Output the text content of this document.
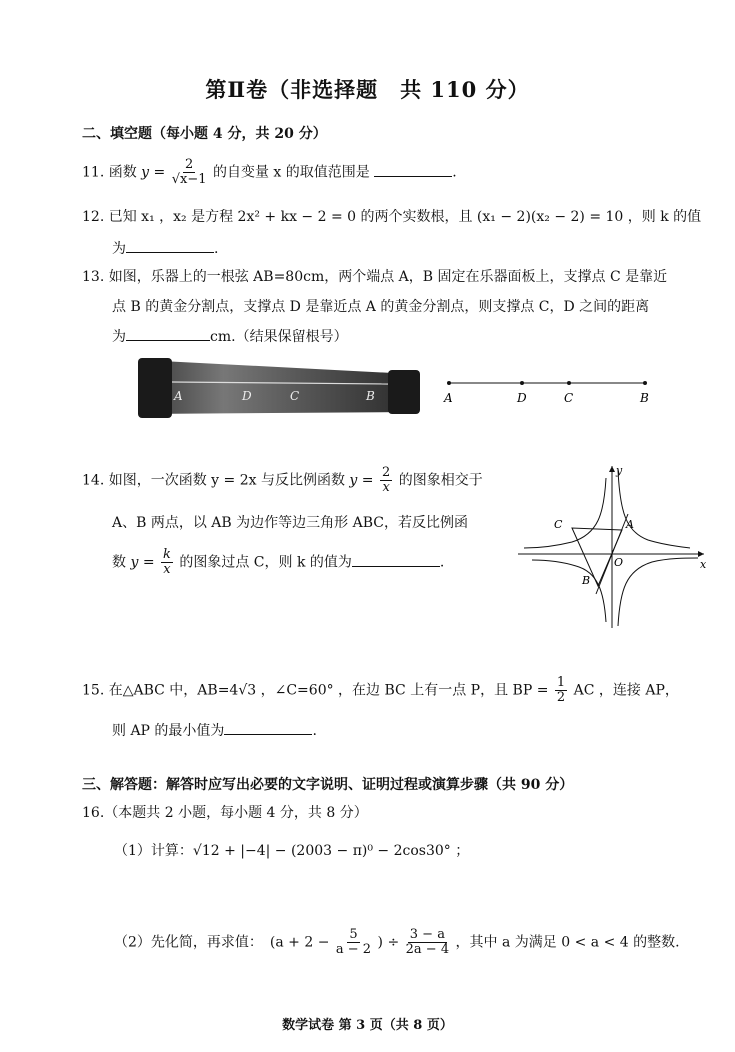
第Ⅱ卷（非选择题　共 110 分）
二、填空题（每小题 4 分，共 20 分）
11. 函数 $y = \frac{2}{√x-1}$ 的自变量 x 的取值范围是	.
12. 已知 x₁ ，x₂ 是方程 2x² + kx − 2 = 0 的两个实数根，且 (x₁ − 2)(x₂ − 2) = 10 ，则 k 的值
为	.
13. 如图，乐器上的一根弦 AB=80cm，两个端点 A，B 固定在乐器面板上，支撑点 C 是靠近
点 B 的黄金分割点，支撑点 D 是靠近点 A 的黄金分割点，则支撑点 C，D 之间的距离
为	cm.（结果保留根号）
A	D	C	B	A	D	C	B
14. 如图，一次函数 y = 2x 与反比例函数 $y = \frac{2}{x}$ 的图象相交于
A、B 两点，以 AB 为边作等边三角形 ABC，若反比例函
数 $y = \frac{k}{x}$ 的图象过点 C，则 k 的值为	.
y
x
O
A
B
C
15. 在△ABC 中，AB=4√3 ，∠C=60° ，在边 BC 上有一点 P，且 BP = $\frac{1}{2}$ AC ，连接 AP，
则 AP 的最小值为	.
三、解答题：解答时应写出必要的文字说明、证明过程或演算步骤（共 90 分）
16.（本题共 2 小题，每小题 4 分，共 8 分）
（1）计算：√12 + |−4| − (2003 − π)⁰ − 2cos30° ；
（2）先化简，再求值：　($a + 2 - \frac{5}{a - 2}$ ) ÷ $\frac{3 - a}{2a - 4}$ ，其中 a 为满足 0 < a < 4 的整数.
数学试卷 第 3 页（共 8 页）
